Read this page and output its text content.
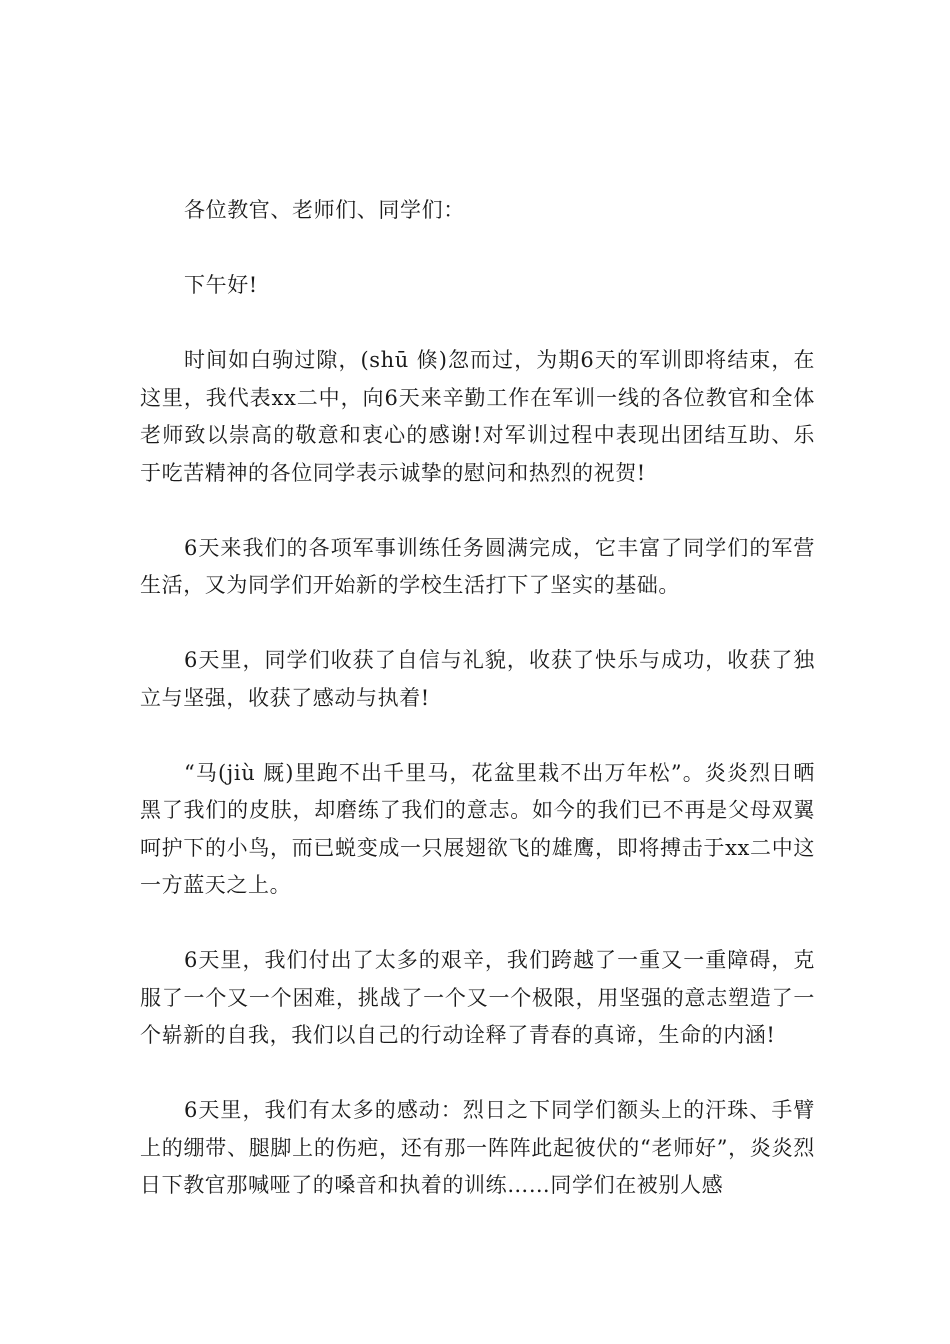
各位教官、老师们、同学们：

下午好!

时间如白驹过隙，(shū 倏)忽而过，为期6天的军训即将结束，在这里，我代表xx二中，向6天来辛勤工作在军训一线的各位教官和全体老师致以崇高的敬意和衷心的感谢!对军训过程中表现出团结互助、乐于吃苦精神的各位同学表示诚挚的慰问和热烈的祝贺!

6天来我们的各项军事训练任务圆满完成，它丰富了同学们的军营生活，又为同学们开始新的学校生活打下了坚实的基础。

6天里，同学们收获了自信与礼貌，收获了快乐与成功，收获了独立与坚强，收获了感动与执着!

“马(jiù 厩)里跑不出千里马，花盆里栽不出万年松”。炎炎烈日晒黑了我们的皮肤，却磨练了我们的意志。如今的我们已不再是父母双翼呵护下的小鸟，而已蜕变成一只展翅欲飞的雄鹰，即将搏击于xx二中这一方蓝天之上。

6天里，我们付出了太多的艰辛，我们跨越了一重又一重障碍，克服了一个又一个困难，挑战了一个又一个极限，用坚强的意志塑造了一个崭新的自我，我们以自己的行动诠释了青春的真谛，生命的内涵!

6天里，我们有太多的感动：烈日之下同学们额头上的汗珠、手臂上的绷带、腿脚上的伤疤，还有那一阵阵此起彼伏的“老师好”，炎炎烈日下教官那喊哑了的嗓音和执着的训练……同学们在被别人感
